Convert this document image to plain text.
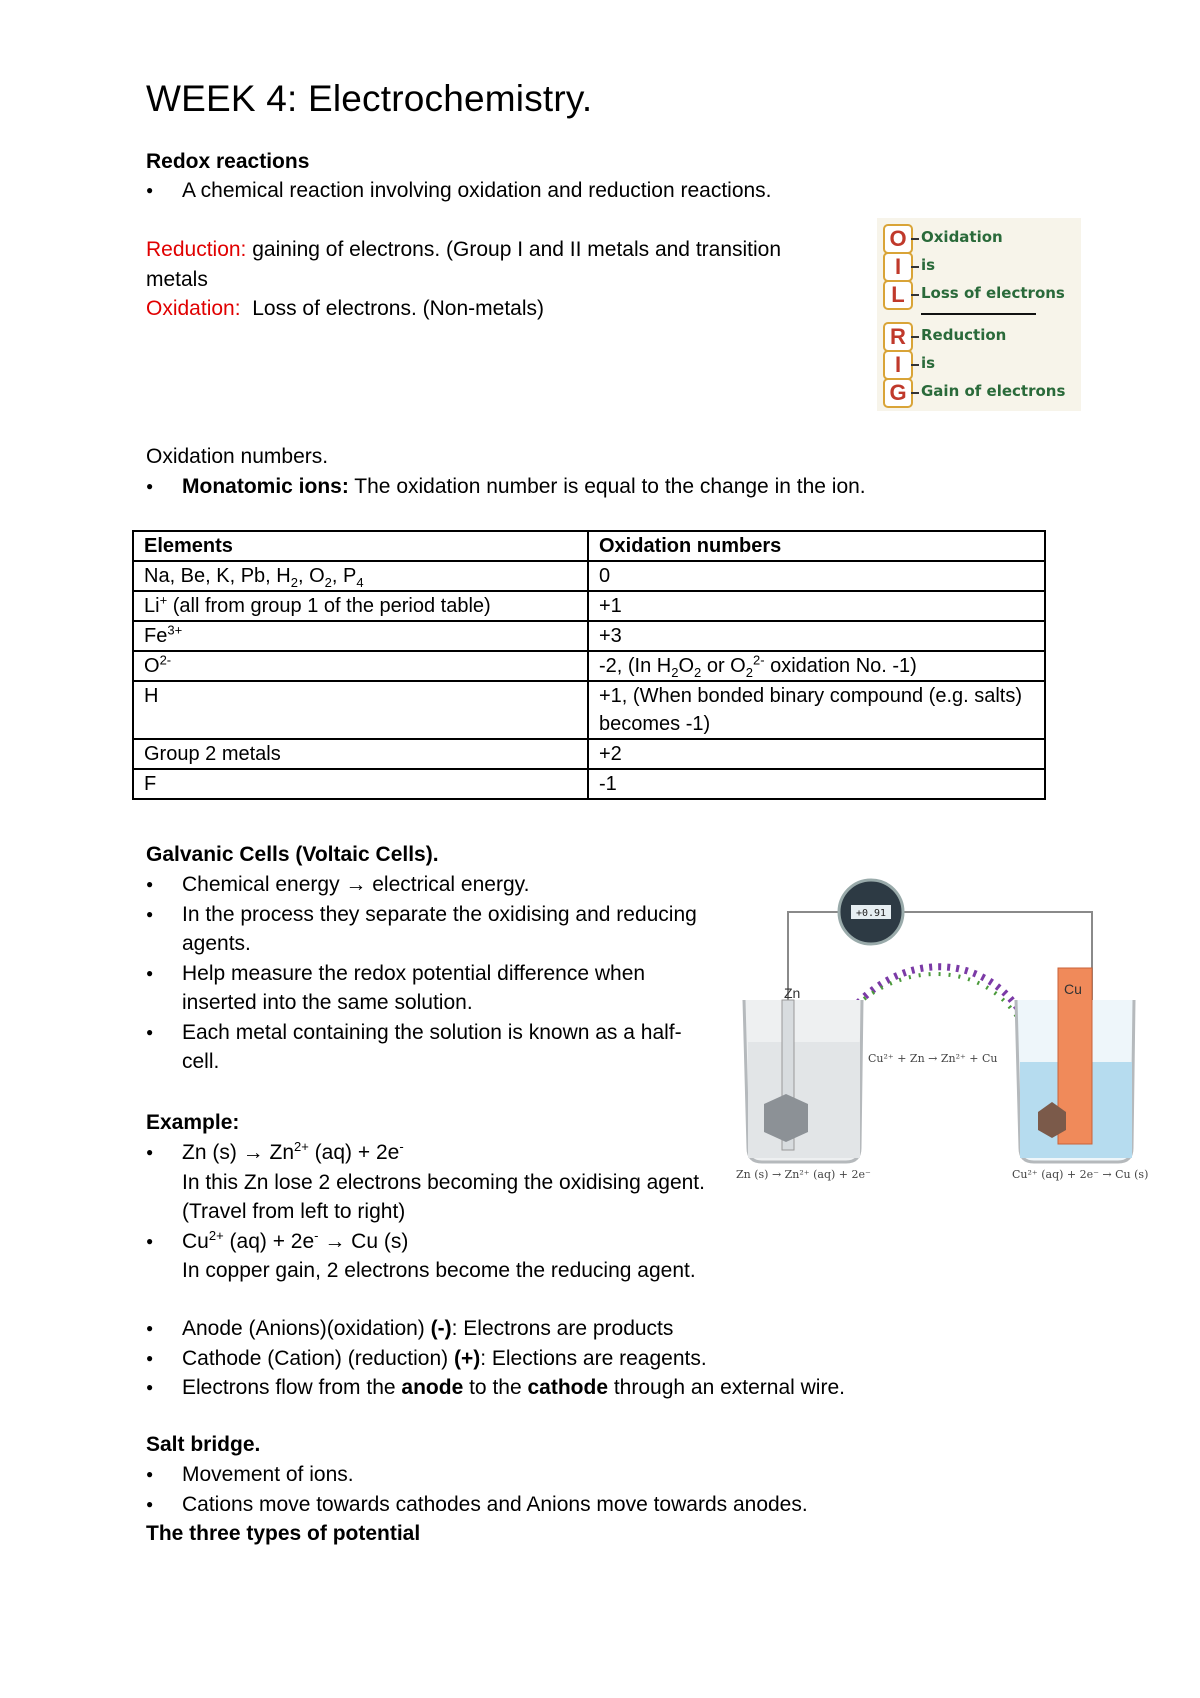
WEEK 4: Electrochemistry.
Redox reactions
● A chemical reaction involving oxidation and reduction reactions.
Reduction: gaining of electrons. (Group I and II metals and transition
metals
Oxidation:  Loss of electrons. (Non-metals)
O Oxidation
I	is
L	Loss of electrons
R	Reduction
I	is
G Gain of electrons
Oxidation numbers.
● Monatomic ions: The oxidation number is equal to the change in the ion.
Elements	Oxidation numbers
Na, Be, K, Pb, $H_2$, $O_2$, $P_4$	0
Li+ (all from group 1 of the period table)	+1
$Fe^{3+}$	+3
$O^{2-}$	-2, (In $H_2O_2$ or $O_2^{2-}$ oxidation No. -1)
H	+1, (When bonded binary compound (e.g. salts) becomes -1)
Group 2 metals	+2
F	-1
Galvanic Cells (Voltaic Cells).
● Chemical energy → electrical energy.
● In the process they separate the oxidising and reducing agents.
● Help measure the redox potential difference when inserted into the same solution.
● Each metal containing the solution is known as a half-cell.
+0.91
Zn	Cu
Cu²⁺ + Zn → Zn²⁺ + Cu
Zn (s) → Zn²⁺ (aq) + 2e⁻	Cu²⁺ (aq) + 2e⁻ → Cu (s)
Example:
● Zn $(s) \to Zn^{2+}$ (aq) + 2e-
In this Zn lose 2 electrons becoming the oxidising agent. (Travel from left to right)
● $Cu^{2+}$ (aq) + 2e- → Cu (s)
In copper gain, 2 electrons become the reducing agent.
● Anode (Anions)(oxidation) (-): Electrons are products
● Cathode (Cation) (reduction) (+): Elections are reagents.
● Electrons flow from the anode to the cathode through an external wire.
Salt bridge.
● Movement of ions.
● Cations move towards cathodes and Anions move towards anodes.
The three types of potential
